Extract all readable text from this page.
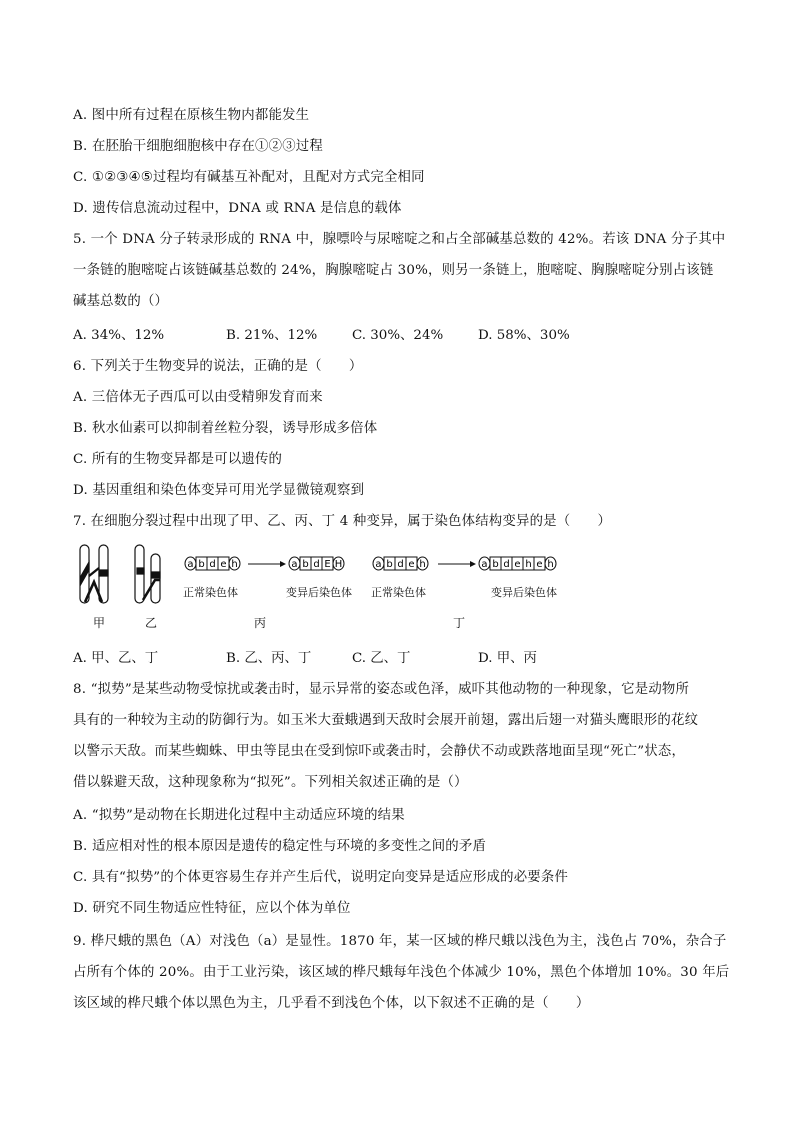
A. 图中所有过程在原核生物内都能发生
B. 在胚胎干细胞细胞核中存在①②③过程
C. ①②③④⑤过程均有碱基互补配对，且配对方式完全相同
D. 遗传信息流动过程中，DNA 或 RNA 是信息的载体
5. 一个 DNA 分子转录形成的 RNA 中，腺嘌呤与尿嘧啶之和占全部碱基总数的 42%。若该 DNA 分子其中
一条链的胞嘧啶占该链碱基总数的 24%，胸腺嘧啶占 30%，则另一条链上，胞嘧啶、胸腺嘧啶分别占该链
碱基总数的（）
A. 34%、12%	B. 21%、12%	C. 30%、24%	D. 58%、30%
6. 下列关于生物变异的说法，正确的是（　　）
A. 三倍体无子西瓜可以由受精卵发育而来
B. 秋水仙素可以抑制着丝粒分裂，诱导形成多倍体
C. 所有的生物变异都是可以遗传的
D. 基因重组和染色体变异可用光学显微镜观察到
7. 在细胞分裂过程中出现了甲、乙、丙、丁 4 种变异，属于染色体结构变异的是（　　）
a b d e h	a b d E H	a b d e h	a b d e h e h
正常染色体	变异后染色体 正常染色体	变异后染色体
甲	乙	丙	丁
A. 甲、乙、丁	B. 乙、丙、丁	C. 乙、丁	D. 甲、丙
8. “拟势”是某些动物受惊扰或袭击时，显示异常的姿态或色泽，威吓其他动物的一种现象，它是动物所
具有的一种较为主动的防御行为。如玉米大蚕蛾遇到天敌时会展开前翅，露出后翅一对猫头鹰眼形的花纹
以警示天敌。而某些蜘蛛、甲虫等昆虫在受到惊吓或袭击时，会静伏不动或跌落地面呈现“死亡”状态，
借以躲避天敌，这种现象称为“拟死”。下列相关叙述正确的是（）
A. “拟势”是动物在长期进化过程中主动适应环境的结果
B. 适应相对性的根本原因是遗传的稳定性与环境的多变性之间的矛盾
C. 具有“拟势”的个体更容易生存并产生后代，说明定向变异是适应形成的必要条件
D. 研究不同生物适应性特征，应以个体为单位
9. 桦尺蛾的黑色（A）对浅色（a）是显性。1870 年，某一区域的桦尺蛾以浅色为主，浅色占 70%，杂合子
占所有个体的 20%。由于工业污染，该区域的桦尺蛾每年浅色个体减少 10%，黑色个体增加 10%。30 年后
该区域的桦尺蛾个体以黑色为主，几乎看不到浅色个体，以下叙述不正确的是（　　）
